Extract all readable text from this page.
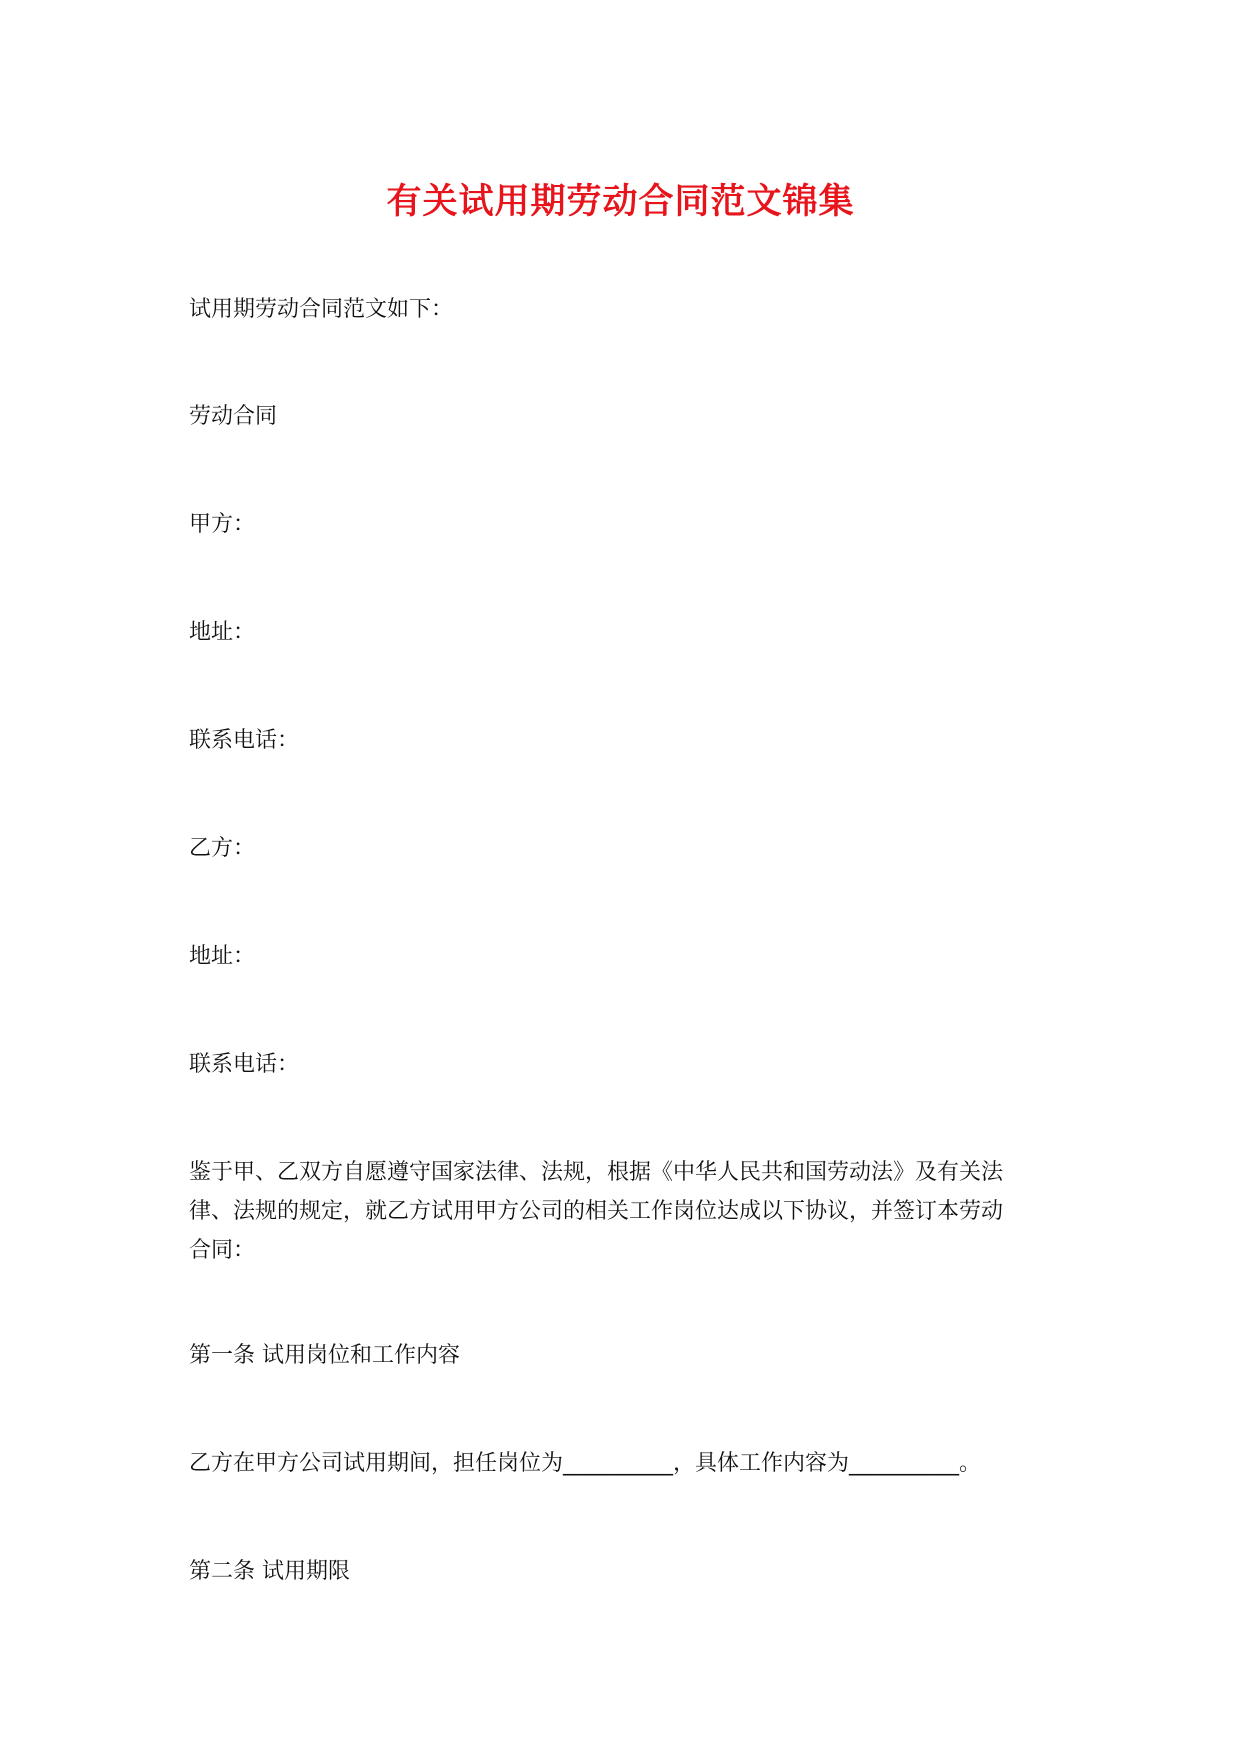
有关试用期劳动合同范文锦集
试用期劳动合同范文如下：
劳动合同
甲方：
地址：
联系电话：
乙方：
地址：
联系电话：
鉴于甲、乙双方自愿遵守国家法律、法规，根据《中华人民共和国劳动法》及有关法
律、法规的规定，就乙方试用甲方公司的相关工作岗位达成以下协议，并签订本劳动
合同：
第一条 试用岗位和工作内容
乙方在甲方公司试用期间，担任岗位为__________，具体工作内容为__________。
第二条 试用期限
